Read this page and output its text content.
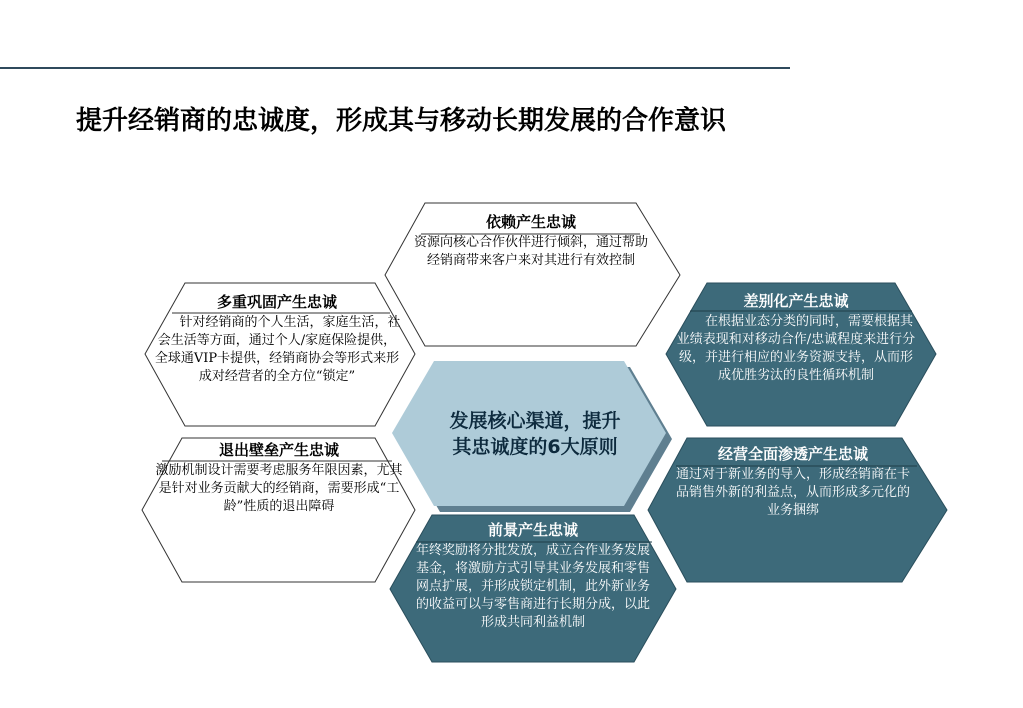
提升经销商的忠诚度，形成其与移动长期发展的合作意识
依赖产生忠诚
资源向核心合作伙伴进行倾斜，通过帮助经销商带来客户来对其进行有效控制
多重巩固产生忠诚
针对经销商的个人生活，家庭生活，社会生活等方面，通过个人/家庭保险提供，全球通VIP卡提供，经销商协会等形式来形成对经营者的全方位“锁定”
差别化产生忠诚
在根据业态分类的同时，需要根据其业绩表现和对移动合作/忠诚程度来进行分级，并进行相应的业务资源支持，从而形成优胜劣汰的良性循环机制
退出壁垒产生忠诚
激励机制设计需要考虑服务年限因素，尤其是针对业务贡献大的经销商，需要形成“工龄”性质的退出障碍
经营全面渗透产生忠诚
通过对于新业务的导入，形成经销商在卡品销售外新的利益点，从而形成多元化的业务捆绑
前景产生忠诚
年终奖励将分批发放，成立合作业务发展基金，将激励方式引导其业务发展和零售网点扩展，并形成锁定机制，此外新业务的收益可以与零售商进行长期分成，以此形成共同利益机制
发展核心渠道，提升
其忠诚度的6大原则
